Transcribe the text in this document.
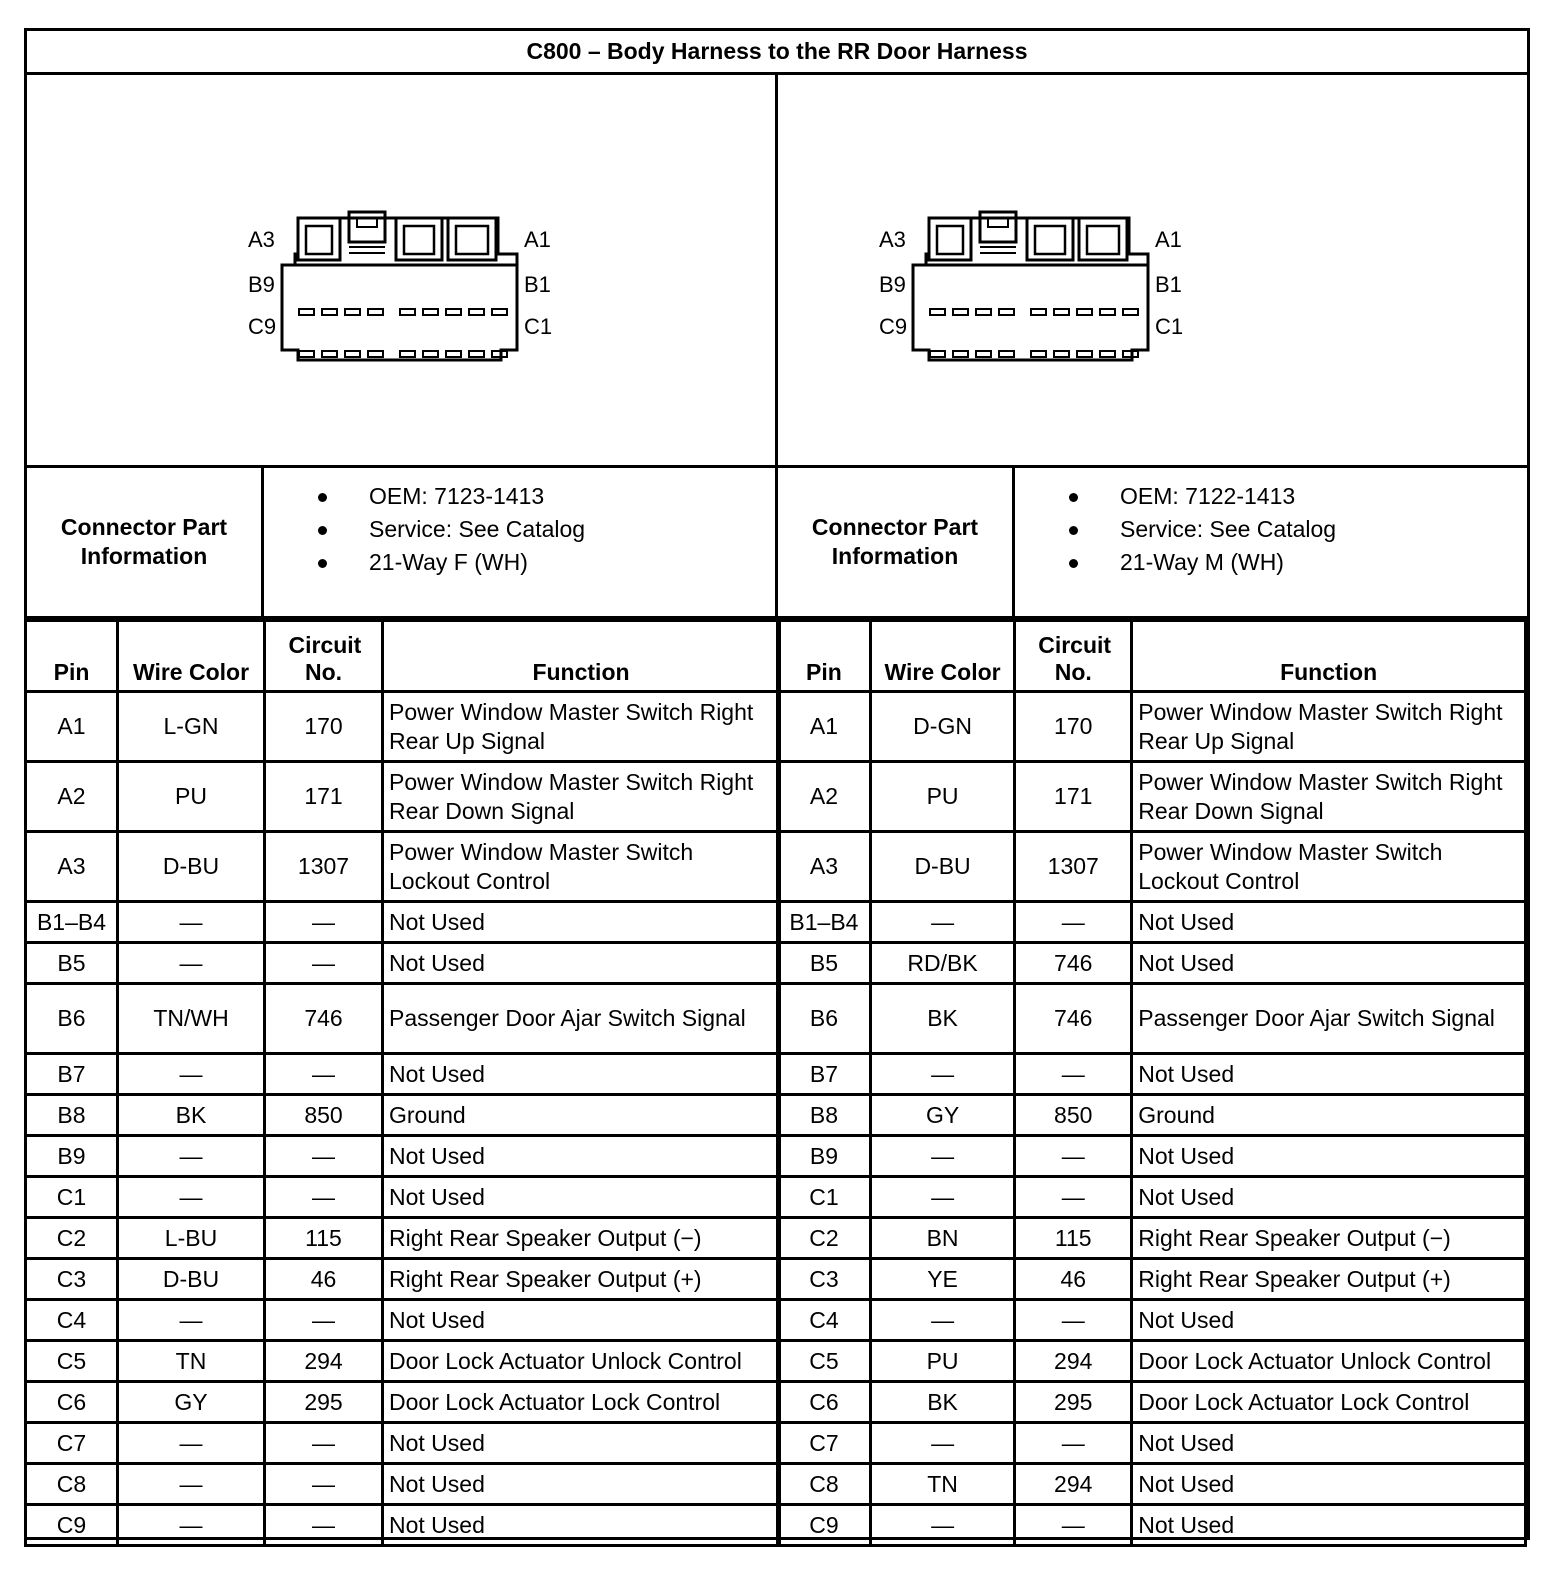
C800 – Body Harness to the RR Door Harness
A3	A1
B9	B1
C9	C1
A3	A1
B9	B1
C9	C1
Connector Part Information
OEM: 7123-1413
Service: See Catalog
21-Way F (WH)
Connector Part Information
OEM: 7122-1413
Service: See Catalog
21-Way M (WH)
Pin	Wire Color	Circuit No.	Function
A1	L-GN	170	Power Window Master Switch Right Rear Up Signal
A2	PU	171	Power Window Master Switch Right Rear Down Signal
A3	D-BU	1307	Power Window Master Switch Lockout Control
B1–B4	—	—	Not Used
B5	—	—	Not Used
B6	TN/WH	746	Passenger Door Ajar Switch Signal
B7	—	—	Not Used
B8	BK	850	Ground
B9	—	—	Not Used
C1	—	—	Not Used
C2	L-BU	115	Right Rear Speaker Output (−)
C3	D-BU	46	Right Rear Speaker Output (+)
C4	—	—	Not Used
C5	TN	294	Door Lock Actuator Unlock Control
C6	GY	295	Door Lock Actuator Lock Control
C7	—	—	Not Used
C8	—	—	Not Used
C9	—	—	Not Used
Pin	Wire Color	Circuit No.	Function
A1	D-GN	170	Power Window Master Switch Right Rear Up Signal
A2	PU	171	Power Window Master Switch Right Rear Down Signal
A3	D-BU	1307	Power Window Master Switch Lockout Control
B1–B4	—	—	Not Used
B5	RD/BK	746	Not Used
B6	BK	746	Passenger Door Ajar Switch Signal
B7	—	—	Not Used
B8	GY	850	Ground
B9	—	—	Not Used
C1	—	—	Not Used
C2	BN	115	Right Rear Speaker Output (−)
C3	YE	46	Right Rear Speaker Output (+)
C4	—	—	Not Used
C5	PU	294	Door Lock Actuator Unlock Control
C6	BK	295	Door Lock Actuator Lock Control
C7	—	—	Not Used
C8	TN	294	Not Used
C9	—	—	Not Used
